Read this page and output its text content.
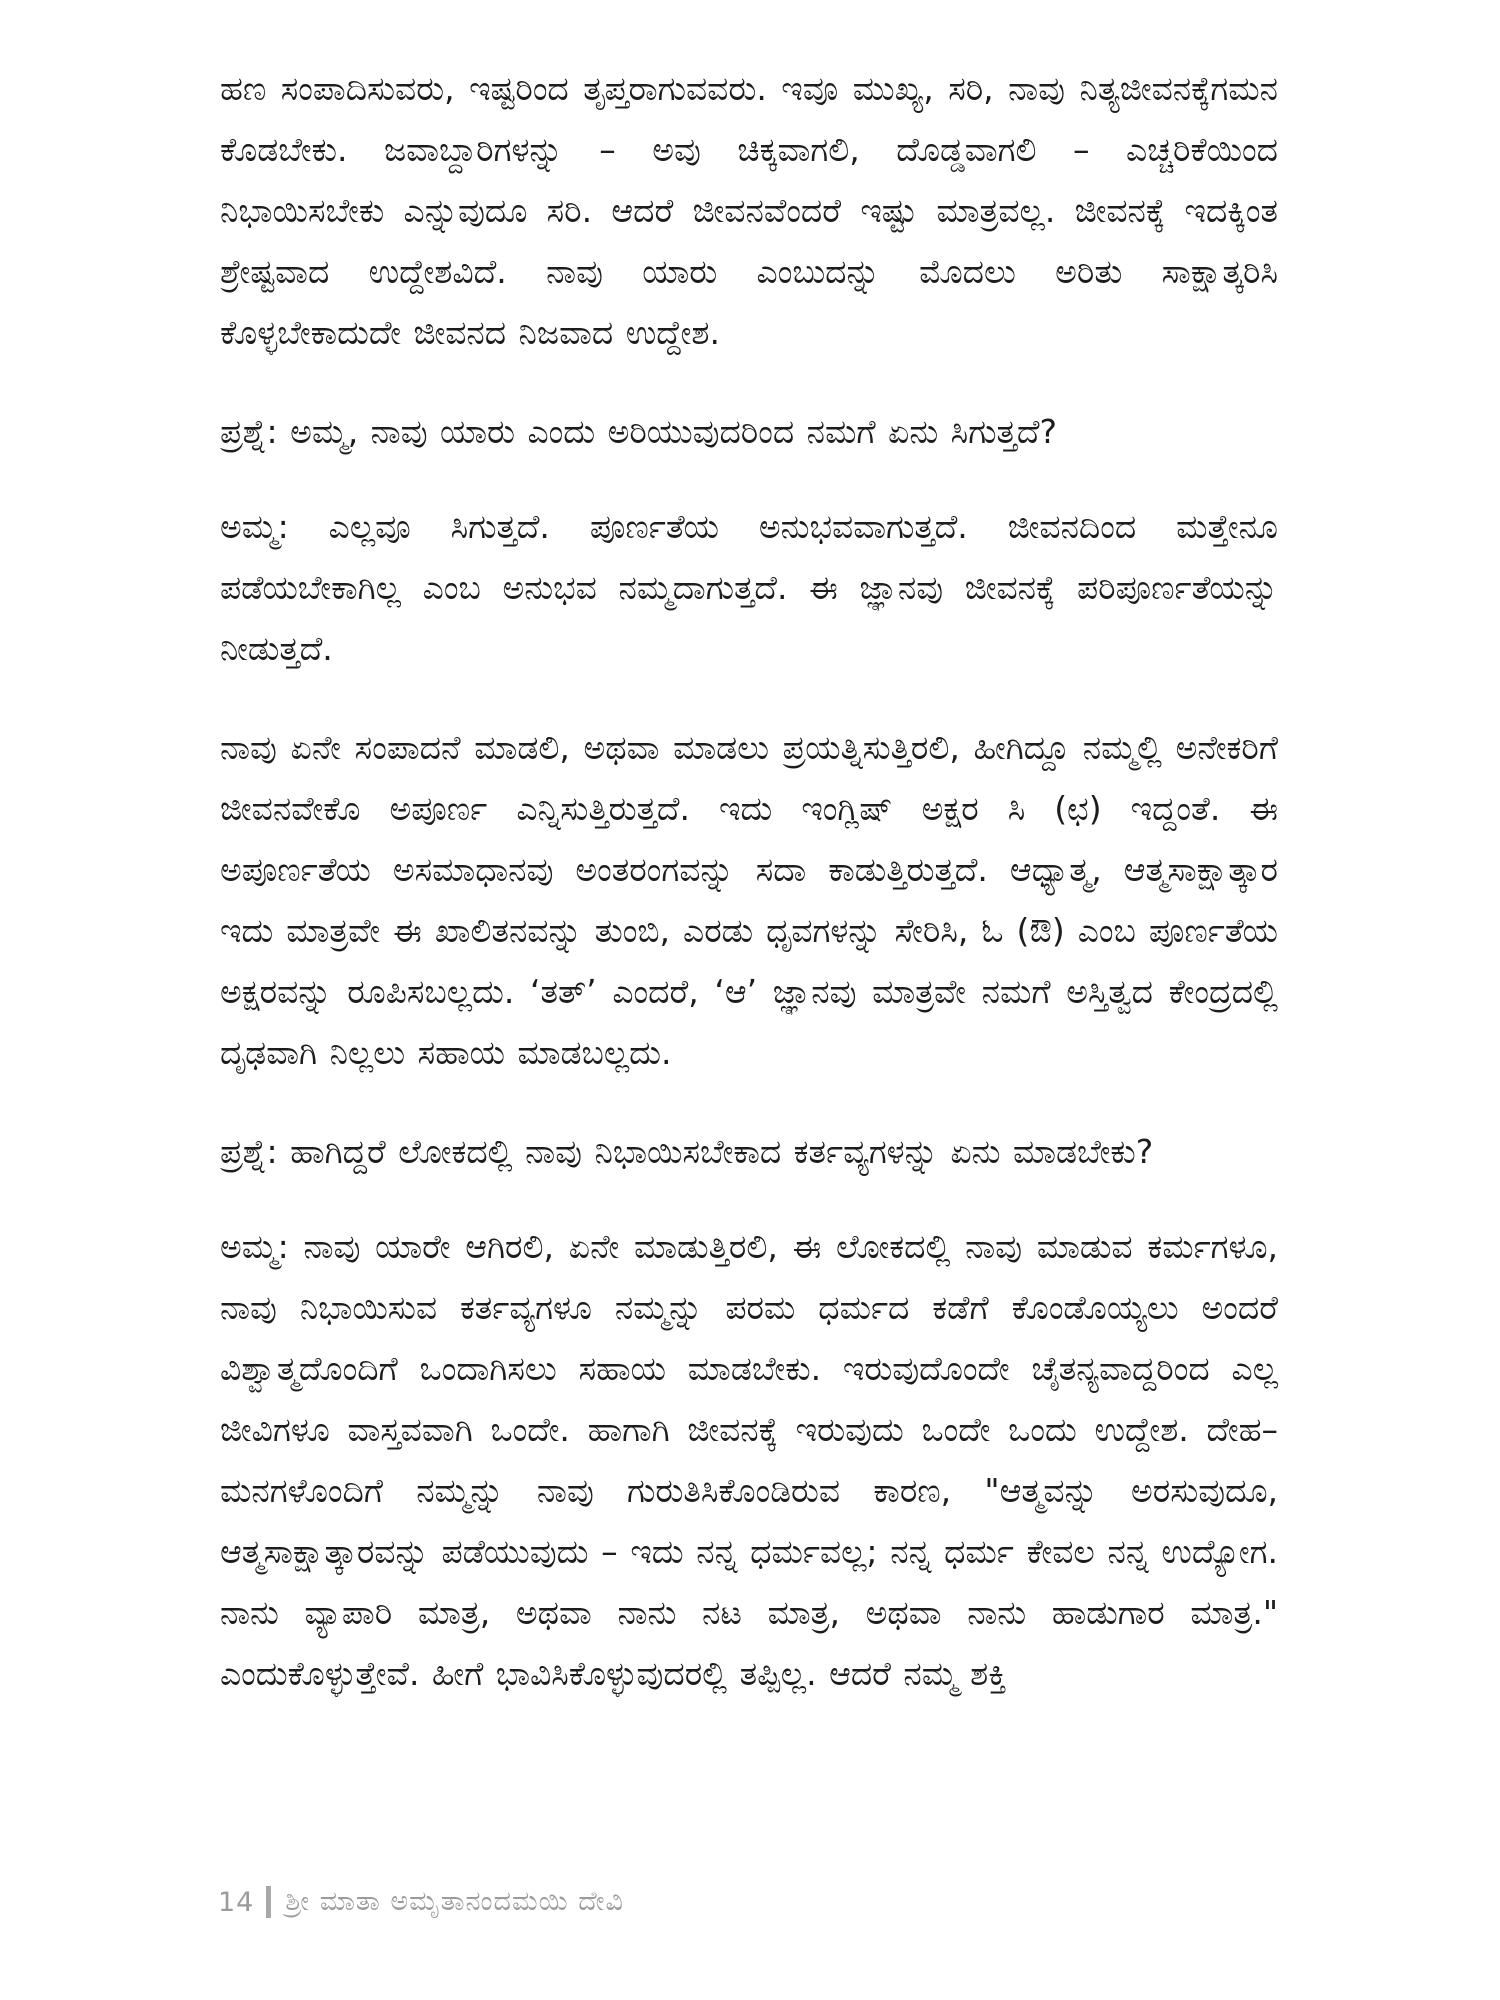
ಹಣ ಸಂಪಾದಿಸುವರು, ಇಷ್ಟರಿಂದ ತೃಪ್ತರಾಗುವವರು. ಇವೂ ಮುಖ್ಯ, ಸರಿ, ನಾವು ನಿತ್ಯಜೀವನಕ್ಕೆಗಮನ ಕೊಡಬೇಕು. ಜವಾಬ್ದಾರಿಗಳನ್ನು – ಅವು ಚಿಕ್ಕವಾಗಲಿ, ದೊಡ್ಡವಾಗಲಿ – ಎಚ್ಚರಿಕೆಯಿಂದ ನಿಭಾಯಿಸಬೇಕು ಎನ್ನುವುದೂ ಸರಿ. ಆದರೆ ಜೀವನವೆಂದರೆ ಇಷ್ಟು ಮಾತ್ರವಲ್ಲ. ಜೀವನಕ್ಕೆ ಇದಕ್ಕಿಂತ ಶ್ರೇಷ್ಟವಾದ ಉದ್ದೇಶವಿದೆ. ನಾವು ಯಾರು ಎಂಬುದನ್ನು ಮೊದಲು ಅರಿತು ಸಾಕ್ಷಾತ್ಕರಿಸಿ ಕೊಳ್ಳಬೇಕಾದುದೇ ಜೀವನದ ನಿಜವಾದ ಉದ್ದೇಶ.

ಪ್ರಶ್ನೆ: ಅಮ್ಮ, ನಾವು ಯಾರು ಎಂದು ಅರಿಯುವುದರಿಂದ ನಮಗೆ ಏನು ಸಿಗುತ್ತದೆ?

ಅಮ್ಮ: ಎಲ್ಲವೂ ಸಿಗುತ್ತದೆ. ಪೂರ್ಣತೆಯ ಅನುಭವವಾಗುತ್ತದೆ. ಜೀವನದಿಂದ ಮತ್ತೇನೂ ಪಡೆಯಬೇಕಾಗಿಲ್ಲ ಎಂಬ ಅನುಭವ ನಮ್ಮದಾಗುತ್ತದೆ. ಈ ಜ್ಞಾನವು ಜೀವನಕ್ಕೆ ಪರಿಪೂರ್ಣತೆಯನ್ನು ನೀಡುತ್ತದೆ.

ನಾವು ಏನೇ ಸಂಪಾದನೆ ಮಾಡಲಿ, ಅಥವಾ ಮಾಡಲು ಪ್ರಯತ್ನಿಸುತ್ತಿರಲಿ, ಹೀಗಿದ್ದೂ ನಮ್ಮಲ್ಲಿ ಅನೇಕರಿಗೆ ಜೀವನವೇಕೊ ಅಪೂರ್ಣ ಎನ್ನಿಸುತ್ತಿರುತ್ತದೆ. ಇದು ಇಂಗ್ಲಿಷ್ ಅಕ್ಷರ ಸಿ (ಛ) ಇದ್ದಂತೆ. ಈ ಅಪೂರ್ಣತೆಯ ಅಸಮಾಧಾನವು ಅಂತರಂಗವನ್ನು ಸದಾ ಕಾಡುತ್ತಿರುತ್ತದೆ. ಆಧ್ಯಾತ್ಮ, ಆತ್ಮಸಾಕ್ಷಾತ್ಕಾರ ಇದು ಮಾತ್ರವೇ ಈ ಖಾಲಿತನವನ್ನು ತುಂಬಿ, ಎರಡು ಧೃವಗಳನ್ನು ಸೇರಿಸಿ, ಓ (ಔ) ಎಂಬ ಪೂರ್ಣತೆಯ ಅಕ್ಷರವನ್ನು ರೂಪಿಸಬಲ್ಲದು. ‘ತತ್’ ಎಂದರೆ, ‘ಆ’ ಜ್ಞಾನವು ಮಾತ್ರವೇ ನಮಗೆ ಅಸ್ತಿತ್ವದ ಕೇಂದ್ರದಲ್ಲಿ ದೃಢವಾಗಿ ನಿಲ್ಲಲು ಸಹಾಯ ಮಾಡಬಲ್ಲದು.

ಪ್ರಶ್ನೆ: ಹಾಗಿದ್ದರೆ ಲೋಕದಲ್ಲಿ ನಾವು ನಿಭಾಯಿಸಬೇಕಾದ ಕರ್ತವ್ಯಗಳನ್ನು ಏನು ಮಾಡಬೇಕು?

ಅಮ್ಮ: ನಾವು ಯಾರೇ ಆಗಿರಲಿ, ಏನೇ ಮಾಡುತ್ತಿರಲಿ, ಈ ಲೋಕದಲ್ಲಿ ನಾವು ಮಾಡುವ ಕರ್ಮಗಳೂ, ನಾವು ನಿಭಾಯಿಸುವ ಕರ್ತವ್ಯಗಳೂ ನಮ್ಮನ್ನು ಪರಮ ಧರ್ಮದ ಕಡೆಗೆ ಕೊಂಡೊಯ್ಯಲು ಅಂದರೆ ವಿಶ್ವಾತ್ಮದೊಂದಿಗೆ ಒಂದಾಗಿಸಲು ಸಹಾಯ ಮಾಡಬೇಕು. ಇರುವುದೊಂದೇ ಚೈತನ್ಯವಾದ್ದರಿಂದ ಎಲ್ಲ ಜೀವಿಗಳೂ ವಾಸ್ತವವಾಗಿ ಒಂದೇ. ಹಾಗಾಗಿ ಜೀವನಕ್ಕೆ ಇರುವುದು ಒಂದೇ ಒಂದು ಉದ್ದೇಶ. ದೇಹ–ಮನಗಳೊಂದಿಗೆ ನಮ್ಮನ್ನು ನಾವು ಗುರುತಿಸಿಕೊಂಡಿರುವ ಕಾರಣ, "ಆತ್ಮವನ್ನು ಅರಸುವುದೂ, ಆತ್ಮಸಾಕ್ಷಾತ್ಕಾರವನ್ನು ಪಡೆಯುವುದು – ಇದು ನನ್ನ ಧರ್ಮವಲ್ಲ; ನನ್ನ ಧರ್ಮ ಕೇವಲ ನನ್ನ ಉದ್ಯೋಗ. ನಾನು ವ್ಯಾಪಾರಿ ಮಾತ್ರ, ಅಥವಾ ನಾನು ನಟ ಮಾತ್ರ, ಅಥವಾ ನಾನು ಹಾಡುಗಾರ ಮಾತ್ರ." ಎಂದುಕೊಳ್ಳುತ್ತೇವೆ. ಹೀಗೆ ಭಾವಿಸಿಕೊಳ್ಳುವುದರಲ್ಲಿ ತಪ್ಪಿಲ್ಲ. ಆದರೆ ನಮ್ಮ ಶಕ್ತಿ

14 ಶ್ರೀ ಮಾತಾ ಅಮೃತಾನಂದಮಯಿ ದೇವಿ
